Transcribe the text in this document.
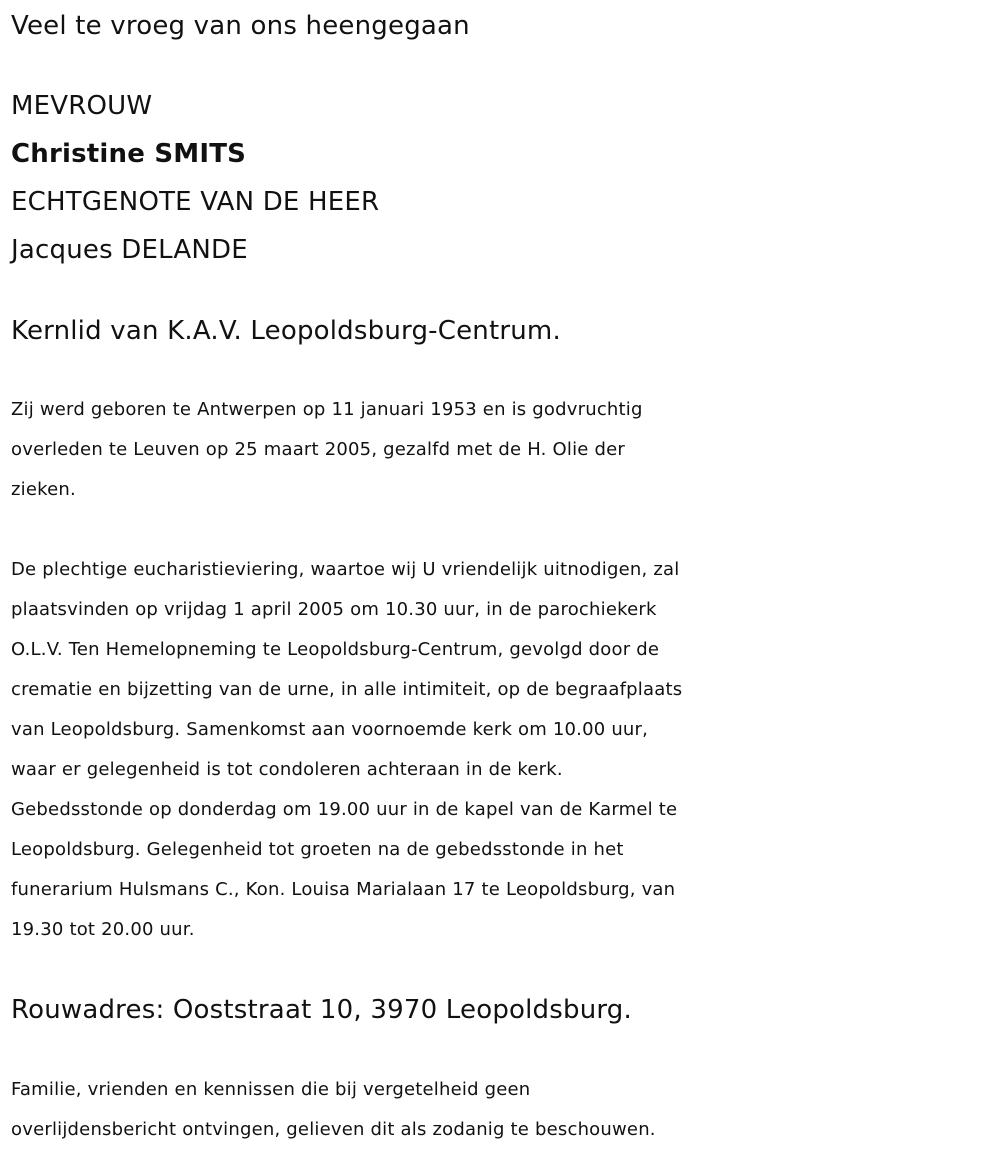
Veel te vroeg van ons heengegaan
MEVROUW
Christine SMITS
ECHTGENOTE VAN DE HEER
Jacques DELANDE
Kernlid van K.A.V. Leopoldsburg-Centrum.
Zij werd geboren te Antwerpen op 11 januari 1953 en is godvruchtig
overleden te Leuven op 25 maart 2005, gezalfd met de H. Olie der
zieken.
De plechtige eucharistieviering, waartoe wij U vriendelijk uitnodigen, zal
plaatsvinden op vrijdag 1 april 2005 om 10.30 uur, in de parochiekerk
O.L.V. Ten Hemelopneming te Leopoldsburg-Centrum, gevolgd door de
crematie en bijzetting van de urne, in alle intimiteit, op de begraafplaats
van Leopoldsburg. Samenkomst aan voornoemde kerk om 10.00 uur,
waar er gelegenheid is tot condoleren achteraan in de kerk.
Gebedsstonde op donderdag om 19.00 uur in de kapel van de Karmel te
Leopoldsburg. Gelegenheid tot groeten na de gebedsstonde in het
funerarium Hulsmans C., Kon. Louisa Marialaan 17 te Leopoldsburg, van
19.30 tot 20.00 uur.
Rouwadres: Ooststraat 10, 3970 Leopoldsburg.
Familie, vrienden en kennissen die bij vergetelheid geen
overlijdensbericht ontvingen, gelieven dit als zodanig te beschouwen.
